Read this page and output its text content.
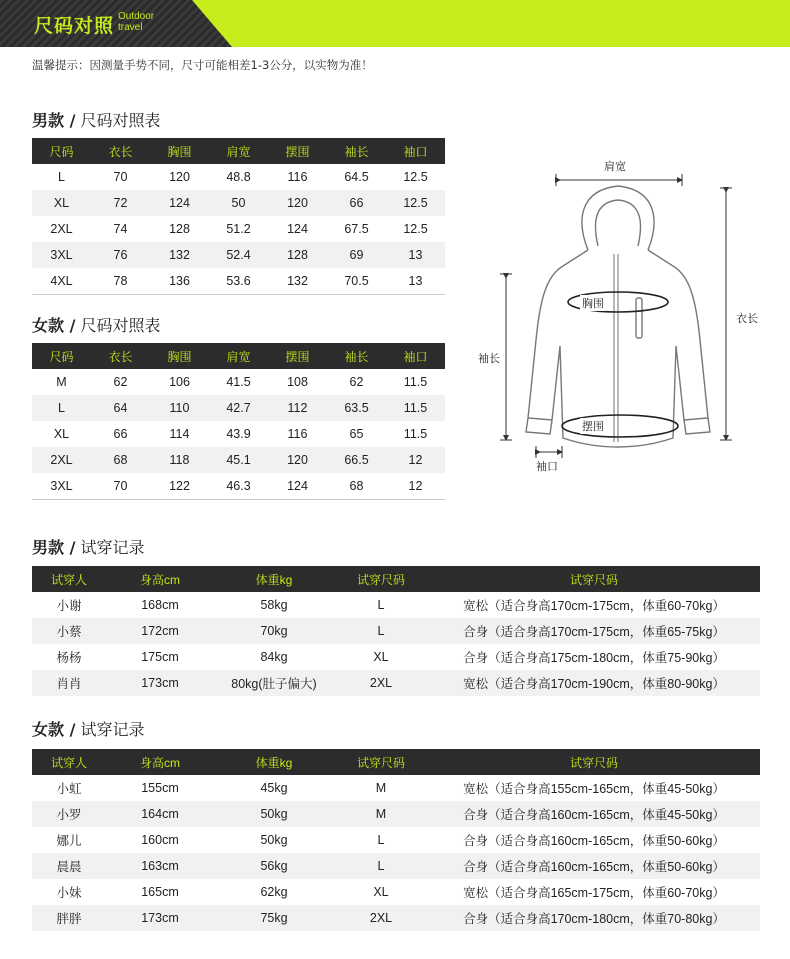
尺码对照 Outdoor
travel
温馨提示：因测量手势不同，尺寸可能相差1-3公分，以实物为准！
男款 / 尺码对照表
尺码	衣长	胸围	肩宽	摆围	袖长	袖口
L	70	120	48.8	116	64.5	12.5
XL	72	124	50	120	66	12.5
2XL	74	128	51.2	124	67.5	12.5
3XL	76	132	52.4	128	69	13
4XL	78	136	53.6	132	70.5	13
女款 / 尺码对照表
尺码	衣长	胸围	肩宽	摆围	袖长	袖口
M	62	106	41.5	108	62	11.5
L	64	110	42.7	112	63.5	11.5
XL	66	114	43.9	116	65	11.5
2XL	68	118	45.1	120	66.5	12
3XL	70	122	46.3	124	68	12
肩宽
衣长
胸围
袖长
摆围
袖口
男款 / 试穿记录
试穿人	身高cm	体重kg	试穿尺码	试穿尺码
小谢	168cm	58kg	L	宽松（适合身高170cm-175cm，体重60-70kg）
小蔡	172cm	70kg	L	合身（适合身高170cm-175cm，体重65-75kg）
杨杨	175cm	84kg	XL	合身（适合身高175cm-180cm，体重75-90kg）
肖肖	173cm	80kg(肚子偏大)	2XL	宽松（适合身高170cm-190cm，体重80-90kg）
女款 / 试穿记录
试穿人	身高cm	体重kg	试穿尺码	试穿尺码
小虹	155cm	45kg	M	宽松（适合身高155cm-165cm，体重45-50kg）
小罗	164cm	50kg	M	合身（适合身高160cm-165cm，体重45-50kg）
娜儿	160cm	50kg	L	合身（适合身高160cm-165cm，体重50-60kg）
晨晨	163cm	56kg	L	合身（适合身高160cm-165cm，体重50-60kg）
小妹	165cm	62kg	XL	宽松（适合身高165cm-175cm，体重60-70kg）
胖胖	173cm	75kg	2XL	合身（适合身高170cm-180cm，体重70-80kg）
